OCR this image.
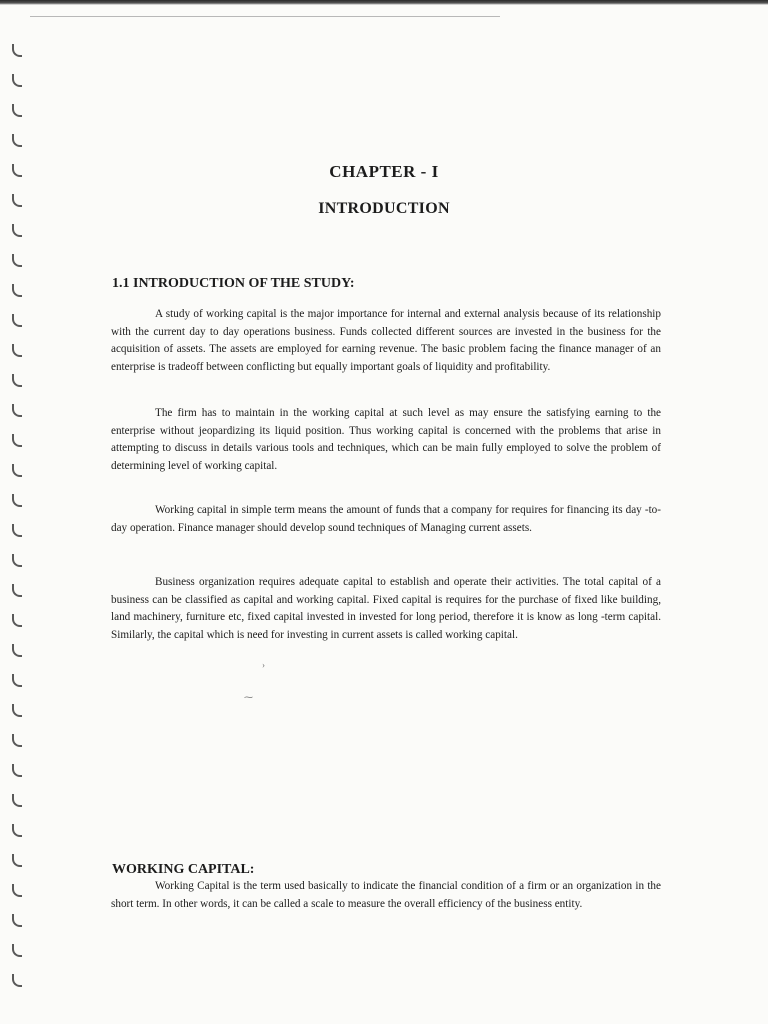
CHAPTER - I
INTRODUCTION
1.1 INTRODUCTION OF THE STUDY:

A study of working capital is the major importance for internal and external analysis because of its relationship with the current day to day operations business. Funds collected different sources are invested in the business for the acquisition of assets. The assets are employed for earning revenue. The basic problem facing the finance manager of an enterprise is tradeoff between conflicting but equally important goals of liquidity and profitability.

The firm has to maintain in the working capital at such level as may ensure the satisfying earning to the enterprise without jeopardizing its liquid position. Thus working capital is concerned with the problems that arise in attempting to discuss in details various tools and techniques, which can be main fully employed to solve the problem of determining level of working capital.

Working capital in simple term means the amount of funds that a company for requires for financing its day -to-day operation. Finance manager should develop sound techniques of Managing current assets.

Business organization requires adequate capital to establish and operate their activities. The total capital of a business can be classified as capital and working capital. Fixed capital is requires for the purchase of fixed like building, land machinery, furniture etc, fixed capital invested in invested for long period, therefore it is know as long -term capital. Similarly, the capital which is need for investing in current assets is called working capital.

WORKING CAPITAL:

Working Capital is the term used basically to indicate the financial condition of a firm or an organization in the short term. In other words, it can be called a scale to measure the overall efficiency of the business entity.

›
⁓
